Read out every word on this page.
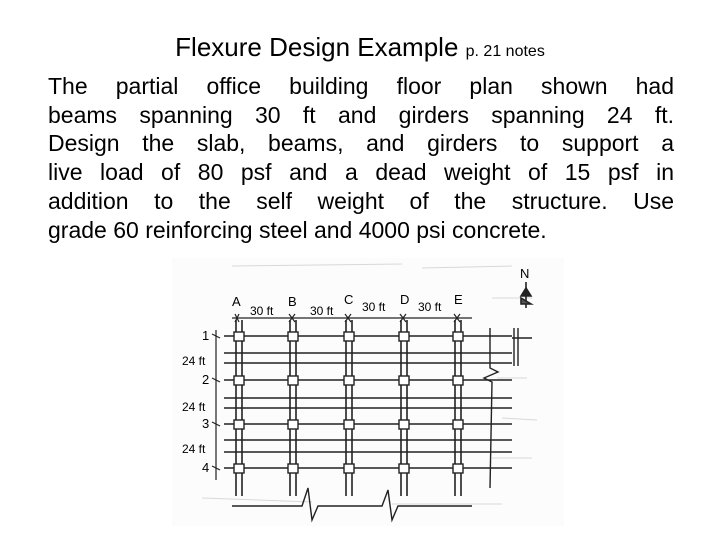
Flexure Design Example p. 21 notes
The partial office building floor plan shown had
beams spanning 30 ft and girders spanning 24 ft.
Design the slab, beams, and girders to support a
live load of 80 psf and a dead weight of 15 psf in
addition to the self weight of the structure. Use
grade 60 reinforcing steel and 4000 psi concrete.
A	B	C	D	E
1
2
3
4
30 ft	30 ft 30 ft	30 ft
24 ft
24 ft
24 ft
N
